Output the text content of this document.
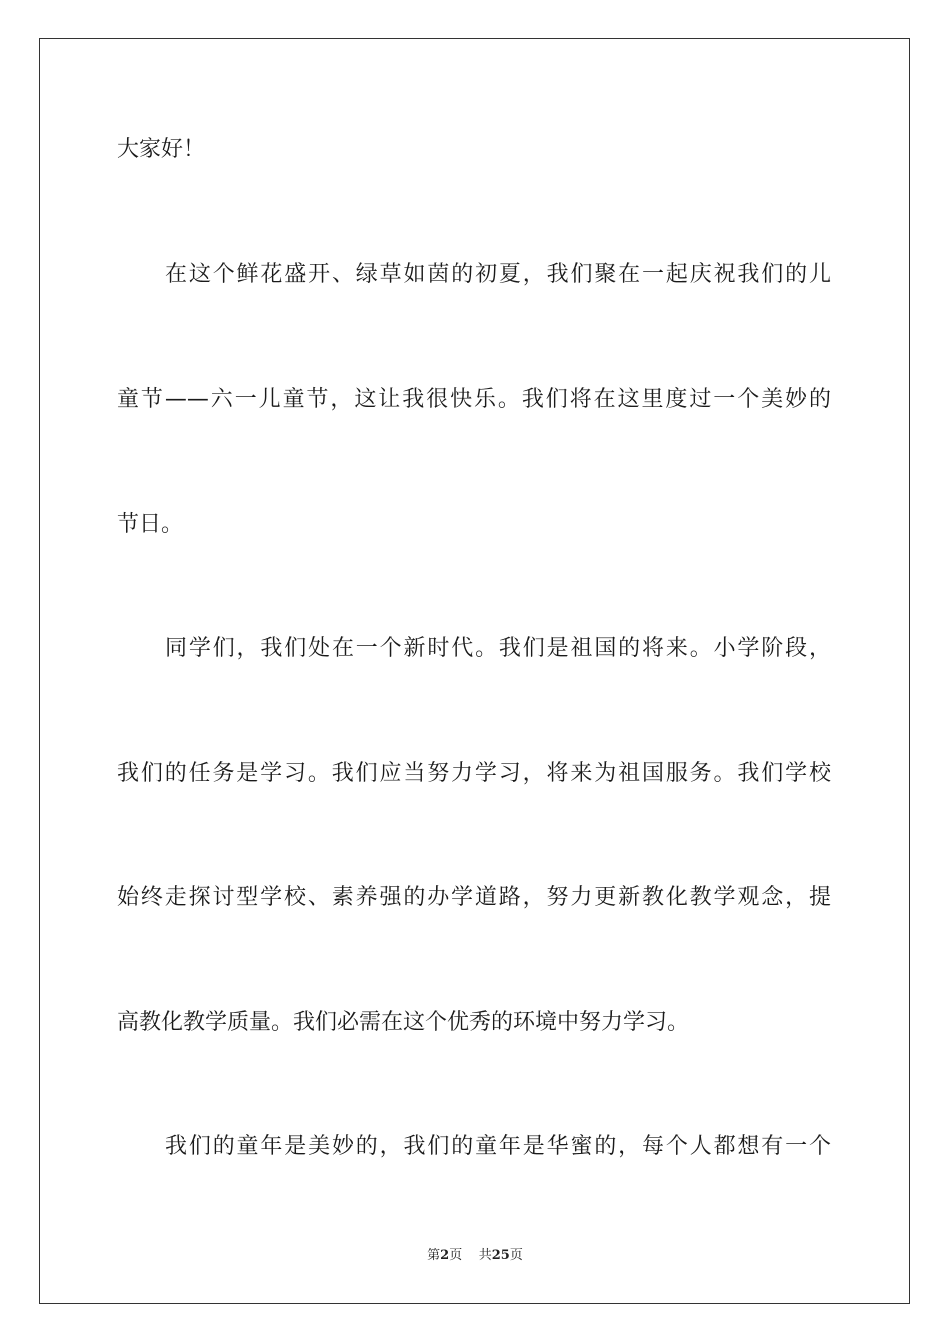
大家好！
在这个鲜花盛开、绿草如茵的初夏，我们聚在一起庆祝我们的儿
童节——六一儿童节，这让我很快乐。我们将在这里度过一个美妙的
节日。
同学们，我们处在一个新时代。我们是祖国的将来。小学阶段，
我们的任务是学习。我们应当努力学习，将来为祖国服务。我们学校
始终走探讨型学校、素养强的办学道路，努力更新教化教学观念，提
高教化教学质量。我们必需在这个优秀的环境中努力学习。
我们的童年是美妙的，我们的童年是华蜜的，每个人都想有一个
第2页 共25页
